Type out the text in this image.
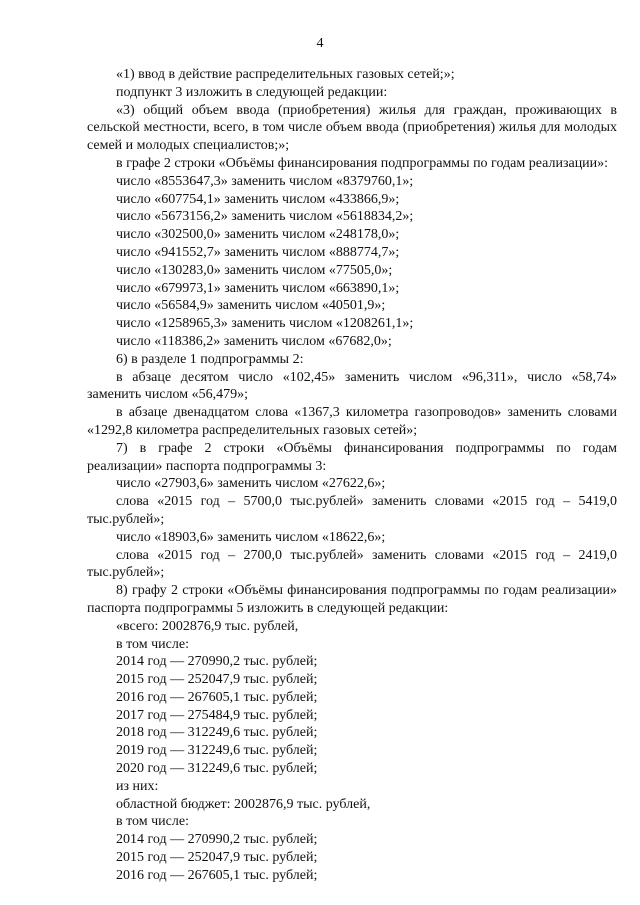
4

«1) ввод в действие распределительных газовых сетей;»;

подпункт 3 изложить в следующей редакции:

«3) общий объем ввода (приобретения) жилья для граждан, проживающих в сельской местности, всего, в том числе объем ввода (приобретения) жилья для молодых семей и молодых специалистов;»;

в графе 2 строки «Объёмы финансирования подпрограммы по годам реализации»:

число «8553647,3» заменить числом «8379760,1»;

число «607754,1» заменить числом «433866,9»;

число «5673156,2» заменить числом «5618834,2»;

число «302500,0» заменить числом «248178,0»;

число «941552,7» заменить числом «888774,7»;

число «130283,0» заменить числом «77505,0»;

число «679973,1» заменить числом «663890,1»;

число «56584,9» заменить числом «40501,9»;

число «1258965,3» заменить числом «1208261,1»;

число «118386,2» заменить числом «67682,0»;

6) в разделе 1 подпрограммы 2:

в абзаце десятом число «102,45» заменить числом «96,311», число «58,74» заменить числом «56,479»;

в абзаце двенадцатом слова «1367,3 километра газопроводов» заменить словами «1292,8 километра распределительных газовых сетей»;

7) в графе 2 строки «Объёмы финансирования подпрограммы по годам реализации» паспорта подпрограммы 3:

число «27903,6» заменить числом «27622,6»;

слова «2015 год – 5700,0 тыс.рублей» заменить словами «2015 год – 5419,0 тыс.рублей»;

число «18903,6» заменить числом «18622,6»;

слова «2015 год – 2700,0 тыс.рублей» заменить словами «2015 год – 2419,0 тыс.рублей»;

8) графу 2 строки «Объёмы финансирования подпрограммы по годам реализации» паспорта подпрограммы 5 изложить в следующей редакции:

«всего: 2002876,9 тыс. рублей,

в том числе:

2014 год — 270990,2 тыс. рублей;

2015 год — 252047,9 тыс. рублей;

2016 год — 267605,1 тыс. рублей;

2017 год — 275484,9 тыс. рублей;

2018 год — 312249,6 тыс. рублей;

2019 год — 312249,6 тыс. рублей;

2020 год — 312249,6 тыс. рублей;

из них:

областной бюджет: 2002876,9 тыс. рублей,

в том числе:

2014 год — 270990,2 тыс. рублей;

2015 год — 252047,9 тыс. рублей;

2016 год — 267605,1 тыс. рублей;
